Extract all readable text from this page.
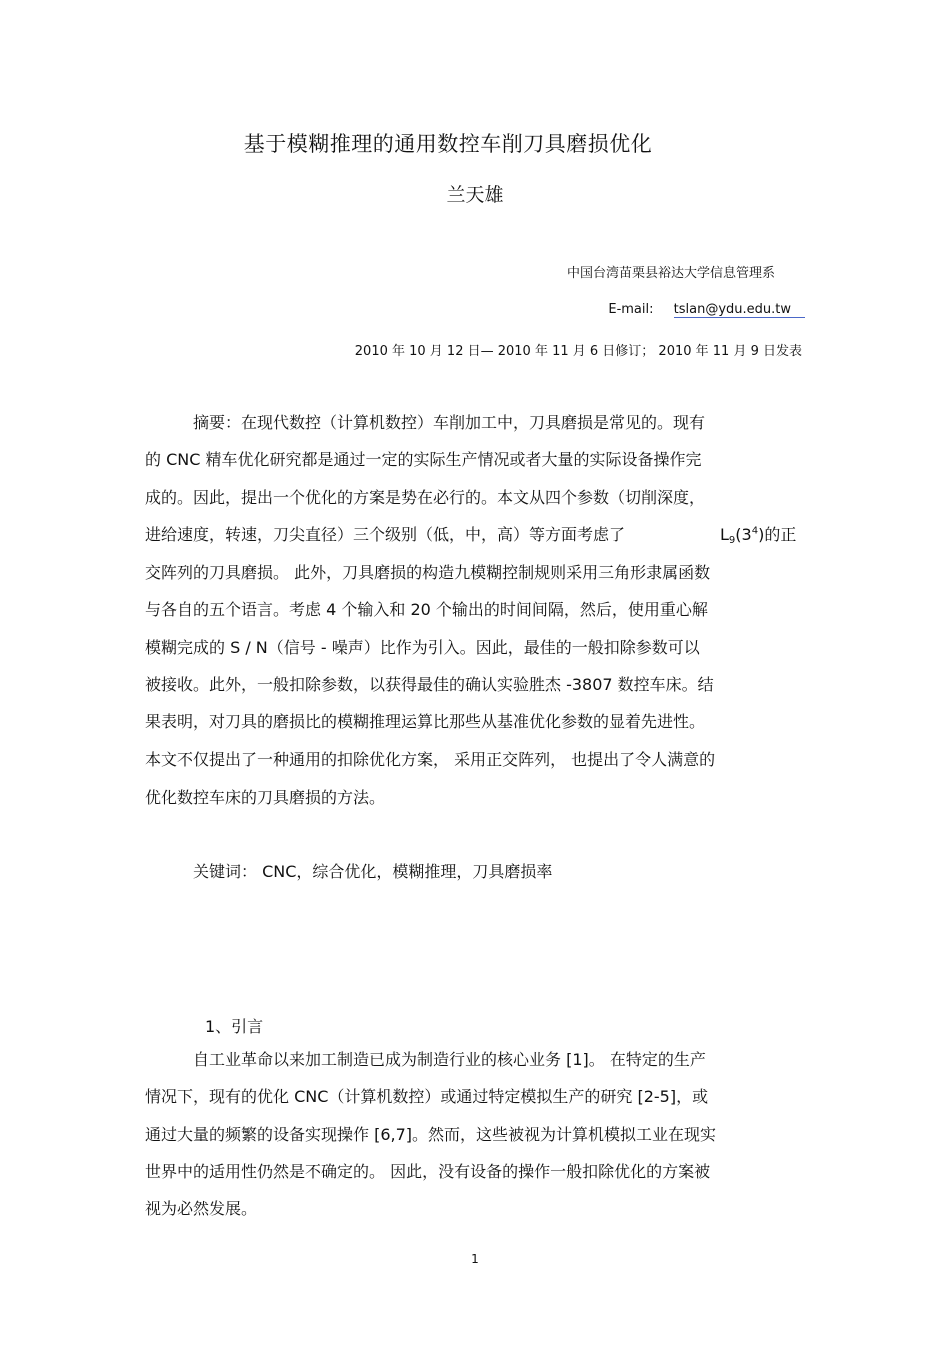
基于模糊推理的通用数控车削刀具磨损优化
兰天雄
中国台湾苗栗县裕达大学信息管理系
E-mail: tslan@ydu.edu.tw
2010 年 10 月 12 日— 2010 年 11 月 6 日修订； 2010 年 11 月 9 日发表
摘要：在现代数控（计算机数控）车削加工中，刀具磨损是常见的。现有
的 CNC 精车优化研究都是通过一定的实际生产情况或者大量的实际设备操作完
成的。因此，提出一个优化的方案是势在必行的。本文从四个参数（切削深度，
进给速度，转速，刀尖直径）三个级别（低，中，高）等方面考虑了	$L_9(3^4)$的正
交阵列的刀具磨损。 此外，刀具磨损的构造九模糊控制规则采用三角形隶属函数
与各自的五个语言。考虑 4 个输入和 20 个输出的时间间隔，然后，使用重心解
模糊完成的 S / N（信号 - 噪声）比作为引入。因此，最佳的一般扣除参数可以
被接收。此外，一般扣除参数，以获得最佳的确认实验胜杰 -3807 数控车床。结
果表明，对刀具的磨损比的模糊推理运算比那些从基准优化参数的显着先进性。
本文不仅提出了一种通用的扣除优化方案， 采用正交阵列， 也提出了令人满意的
优化数控车床的刀具磨损的方法。
关键词： CNC，综合优化，模糊推理，刀具磨损率
1、引言
自工业革命以来加工制造已成为制造行业的核心业务 [1]。 在特定的生产
情况下，现有的优化 CNC（计算机数控）或通过特定模拟生产的研究 [2-5]，或
通过大量的频繁的设备实现操作 [6,7]。然而，这些被视为计算机模拟工业在现实
世界中的适用性仍然是不确定的。 因此，没有设备的操作一般扣除优化的方案被
视为必然发展。
1
